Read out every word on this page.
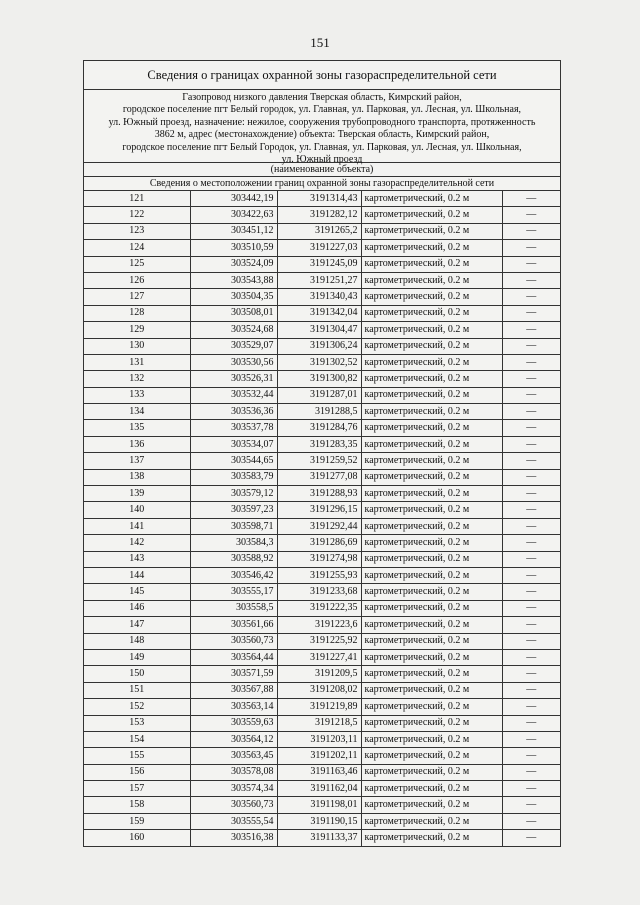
151
Сведения о границах охранной зоны газораспределительной сети
Газопровод низкого давления Тверская область, Кимрский район,
городское поселение пгт Белый городок, ул. Главная, ул. Парковая, ул. Лесная, ул. Школьная,
ул. Южный проезд, назначение: нежилое, сооружения трубопроводного транспорта, протяженность
3862 м, адрес (местонахождение) объекта: Тверская область, Кимрский район,
городское поселение пгт Белый Городок, ул. Главная, ул. Парковая, ул. Лесная, ул. Школьная,
ул. Южный проезд
(наименование объекта)
Сведения о местоположении границ охранной зоны газораспределительной сети
121	303442,19	3191314,43	картометрический, 0.2 м	—
122	303422,63	3191282,12	картометрический, 0.2 м	—
123	303451,12	3191265,2	картометрический, 0.2 м	—
124	303510,59	3191227,03	картометрический, 0.2 м	—
125	303524,09	3191245,09	картометрический, 0.2 м	—
126	303543,88	3191251,27	картометрический, 0.2 м	—
127	303504,35	3191340,43	картометрический, 0.2 м	—
128	303508,01	3191342,04	картометрический, 0.2 м	—
129	303524,68	3191304,47	картометрический, 0.2 м	—
130	303529,07	3191306,24	картометрический, 0.2 м	—
131	303530,56	3191302,52	картометрический, 0.2 м	—
132	303526,31	3191300,82	картометрический, 0.2 м	—
133	303532,44	3191287,01	картометрический, 0.2 м	—
134	303536,36	3191288,5	картометрический, 0.2 м	—
135	303537,78	3191284,76	картометрический, 0.2 м	—
136	303534,07	3191283,35	картометрический, 0.2 м	—
137	303544,65	3191259,52	картометрический, 0.2 м	—
138	303583,79	3191277,08	картометрический, 0.2 м	—
139	303579,12	3191288,93	картометрический, 0.2 м	—
140	303597,23	3191296,15	картометрический, 0.2 м	—
141	303598,71	3191292,44	картометрический, 0.2 м	—
142	303584,3	3191286,69	картометрический, 0.2 м	—
143	303588,92	3191274,98	картометрический, 0.2 м	—
144	303546,42	3191255,93	картометрический, 0.2 м	—
145	303555,17	3191233,68	картометрический, 0.2 м	—
146	303558,5	3191222,35	картометрический, 0.2 м	—
147	303561,66	3191223,6	картометрический, 0.2 м	—
148	303560,73	3191225,92	картометрический, 0.2 м	—
149	303564,44	3191227,41	картометрический, 0.2 м	—
150	303571,59	3191209,5	картометрический, 0.2 м	—
151	303567,88	3191208,02	картометрический, 0.2 м	—
152	303563,14	3191219,89	картометрический, 0.2 м	—
153	303559,63	3191218,5	картометрический, 0.2 м	—
154	303564,12	3191203,11	картометрический, 0.2 м	—
155	303563,45	3191202,11	картометрический, 0.2 м	—
156	303578,08	3191163,46	картометрический, 0.2 м	—
157	303574,34	3191162,04	картометрический, 0.2 м	—
158	303560,73	3191198,01	картометрический, 0.2 м	—
159	303555,54	3191190,15	картометрический, 0.2 м	—
160	303516,38	3191133,37	картометрический, 0.2 м	—
